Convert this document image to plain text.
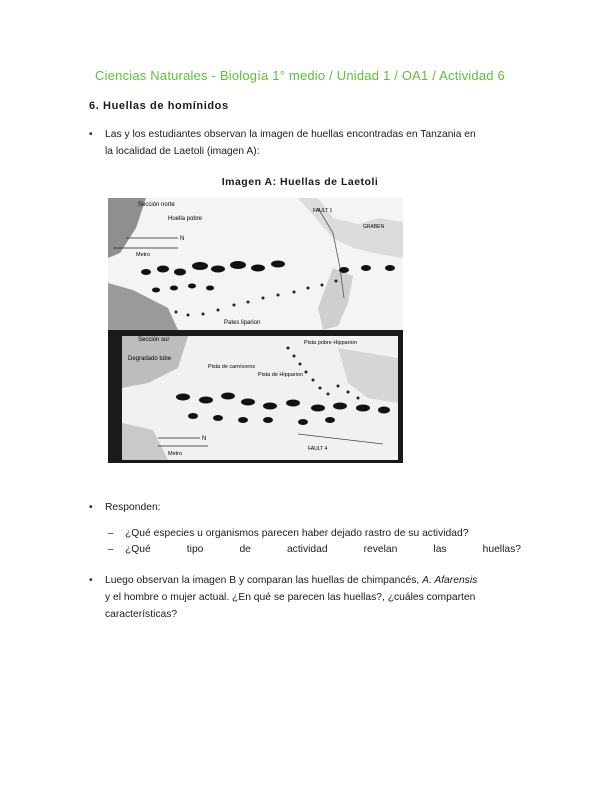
Ciencias Naturales - Biología 1° medio / Unidad 1 / OA1 / Actividad 6
6. Huellas de homínidos
• Las y los estudiantes observan la imagen de huellas encontradas en Tanzania en
la localidad de Laetoli (imagen A):
Imagen A: Huellas de Laetoli
Sección norte
Huella pobre
FAULT 1
GRABEN
N
Metro
Pates liparion
Sección sur
Degradado tobe
Pista de carnívoros
Pista de Hipparion
Pista pobre Hipparion
FAULT 4
N
Metro
• Responden:
– ¿Qué especies u organismos parecen haber dejado rastro de su actividad?
– ¿Qué	tipo	de	actividad	revelan	las	huellas?
• Luego observan la imagen B y comparan las huellas de chimpancés, A. Afarensis
y el hombre o mujer actual. ¿En qué se parecen las huellas?, ¿cuáles comparten
características?
